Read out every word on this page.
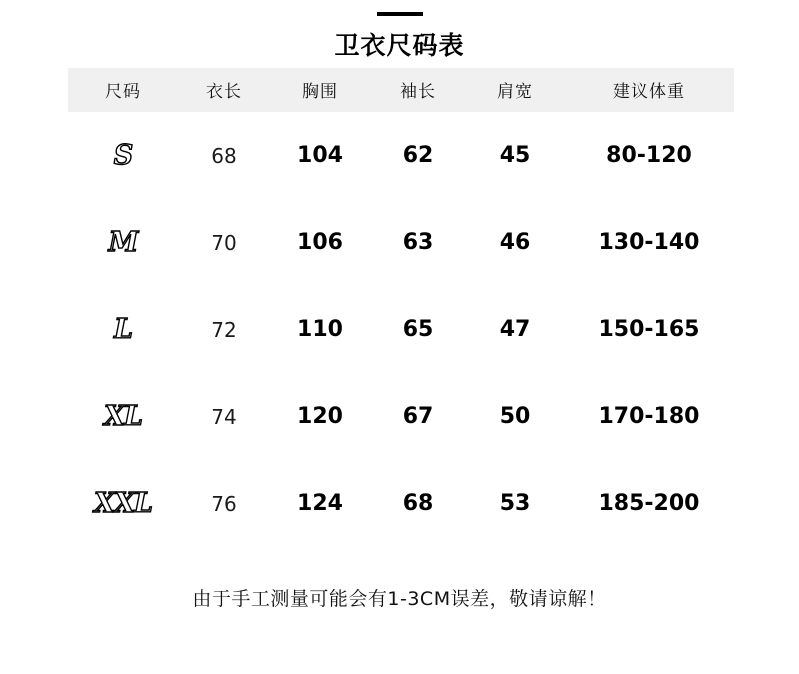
卫衣尺码表
尺码	衣长	胸围	袖长	肩宽	建议体重
S	68	104	62	45	80-120
M	70	106	63	46	130-140
L	72	110	65	47	150-165
XL	74	120	67	50	170-180
XXL	76	124	68	53	185-200
由于手工测量可能会有1-3CM误差，敬请谅解！
